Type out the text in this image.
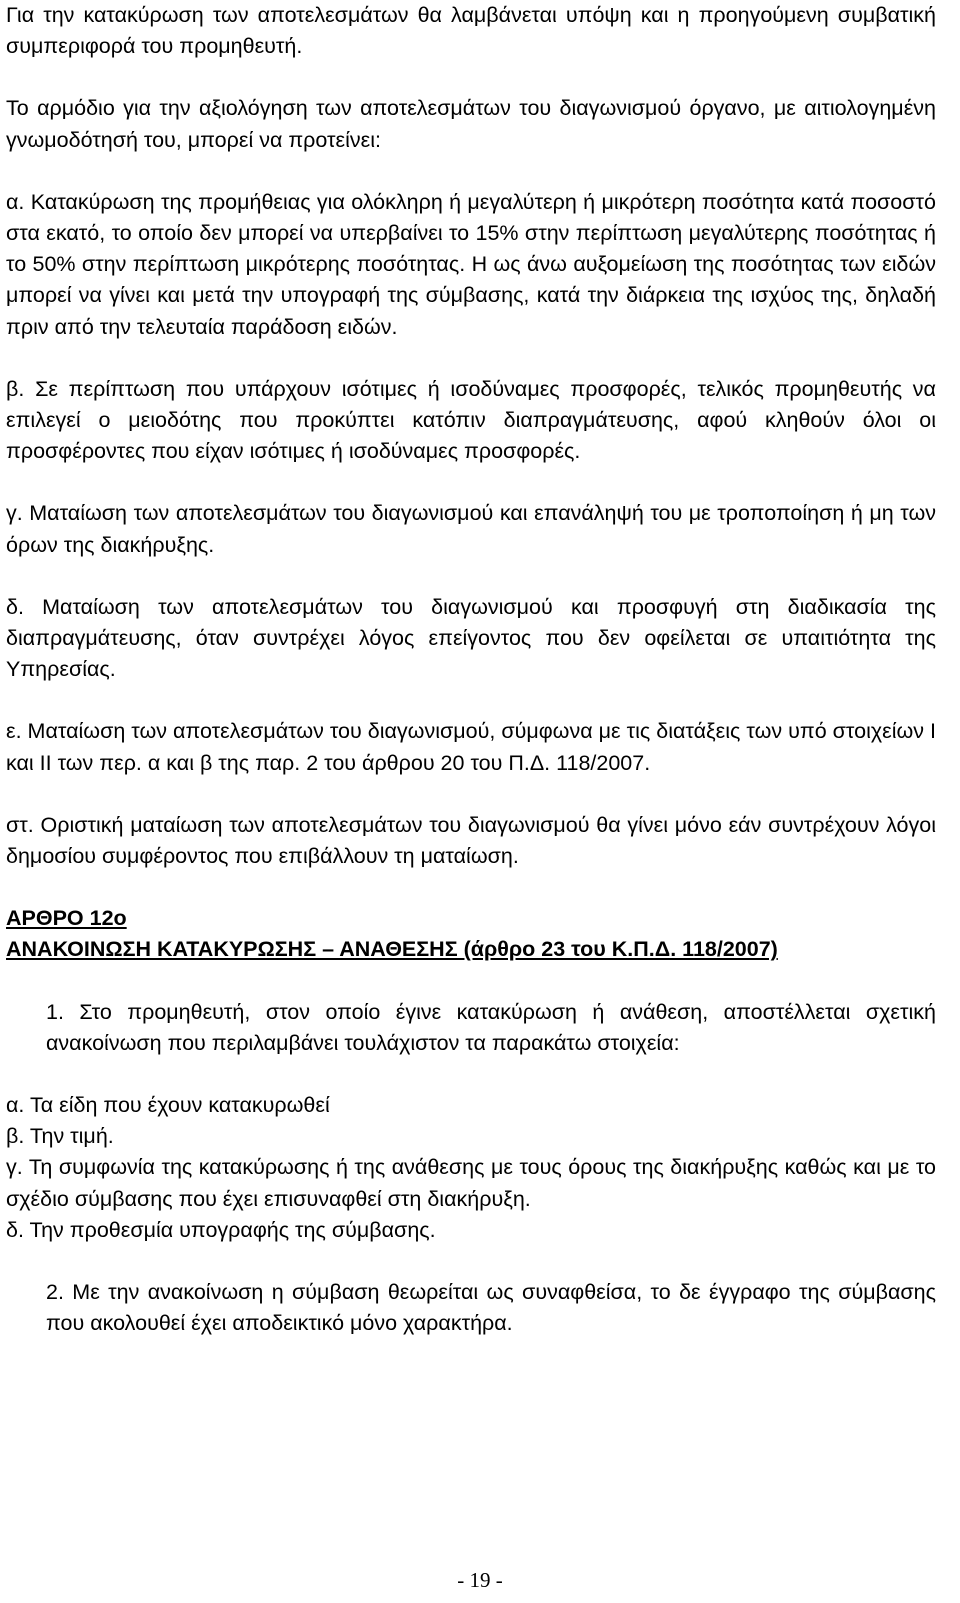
Για την κατακύρωση των αποτελεσμάτων θα λαμβάνεται υπόψη και η προηγούμενη συμβατική συμπεριφορά του προμηθευτή.

Το αρμόδιο για την αξιολόγηση των αποτελεσμάτων του διαγωνισμού όργανο, με αιτιολογημένη γνωμοδότησή του, μπορεί να προτείνει:

α. Κατακύρωση της προμήθειας για ολόκληρη ή μεγαλύτερη ή μικρότερη ποσότητα κατά ποσοστό στα εκατό, το οποίο δεν μπορεί να υπερβαίνει το 15% στην περίπτωση μεγαλύτερης ποσότητας ή το 50% στην περίπτωση μικρότερης ποσότητας. Η ως άνω αυξομείωση της ποσότητας των ειδών μπορεί να γίνει και μετά την υπογραφή της σύμβασης, κατά την διάρκεια της ισχύος της, δηλαδή πριν από την τελευταία παράδοση ειδών.

β. Σε περίπτωση που υπάρχουν ισότιμες ή ισοδύναμες προσφορές, τελικός προμηθευτής να επιλεγεί ο μειοδότης που προκύπτει κατόπιν διαπραγμάτευσης, αφού κληθούν όλοι οι προσφέροντες που είχαν ισότιμες ή ισοδύναμες προσφορές.

γ. Ματαίωση των αποτελεσμάτων του διαγωνισμού και επανάληψή του με τροποποίηση ή μη των όρων της διακήρυξης.

δ. Ματαίωση των αποτελεσμάτων του διαγωνισμού και προσφυγή στη διαδικασία της διαπραγμάτευσης, όταν συντρέχει λόγος επείγοντος που δεν οφείλεται σε υπαιτιότητα της Υπηρεσίας.

ε. Ματαίωση των αποτελεσμάτων του διαγωνισμού, σύμφωνα με τις διατάξεις των υπό στοιχείων Ι και ΙΙ των περ. α και β της παρ. 2 του άρθρου 20 του Π.Δ. 118/2007.

στ. Οριστική ματαίωση των αποτελεσμάτων του διαγωνισμού θα γίνει μόνο εάν συντρέχουν λόγοι δημοσίου συμφέροντος που επιβάλλουν τη ματαίωση.

ΑΡΘΡΟ 12ο

ΑΝΑΚΟΙΝΩΣΗ ΚΑΤΑΚΥΡΩΣΗΣ – ΑΝΑΘΕΣΗΣ (άρθρο 23 του Κ.Π.Δ. 118/2007)

1. Στο προμηθευτή, στον οποίο έγινε κατακύρωση ή ανάθεση, αποστέλλεται σχετική ανακοίνωση που περιλαμβάνει τουλάχιστον τα παρακάτω στοιχεία:

α. Τα είδη που έχουν κατακυρωθεί

β. Την τιμή.

γ. Τη συμφωνία της κατακύρωσης ή της ανάθεσης με τους όρους της διακήρυξης καθώς και με το σχέδιο σύμβασης που έχει επισυναφθεί στη διακήρυξη.

δ. Την προθεσμία υπογραφής της σύμβασης.

2. Με την ανακοίνωση η σύμβαση θεωρείται ως συναφθείσα, το δε έγγραφο της σύμβασης που ακολουθεί έχει αποδεικτικό μόνο χαρακτήρα.

- 19 -
